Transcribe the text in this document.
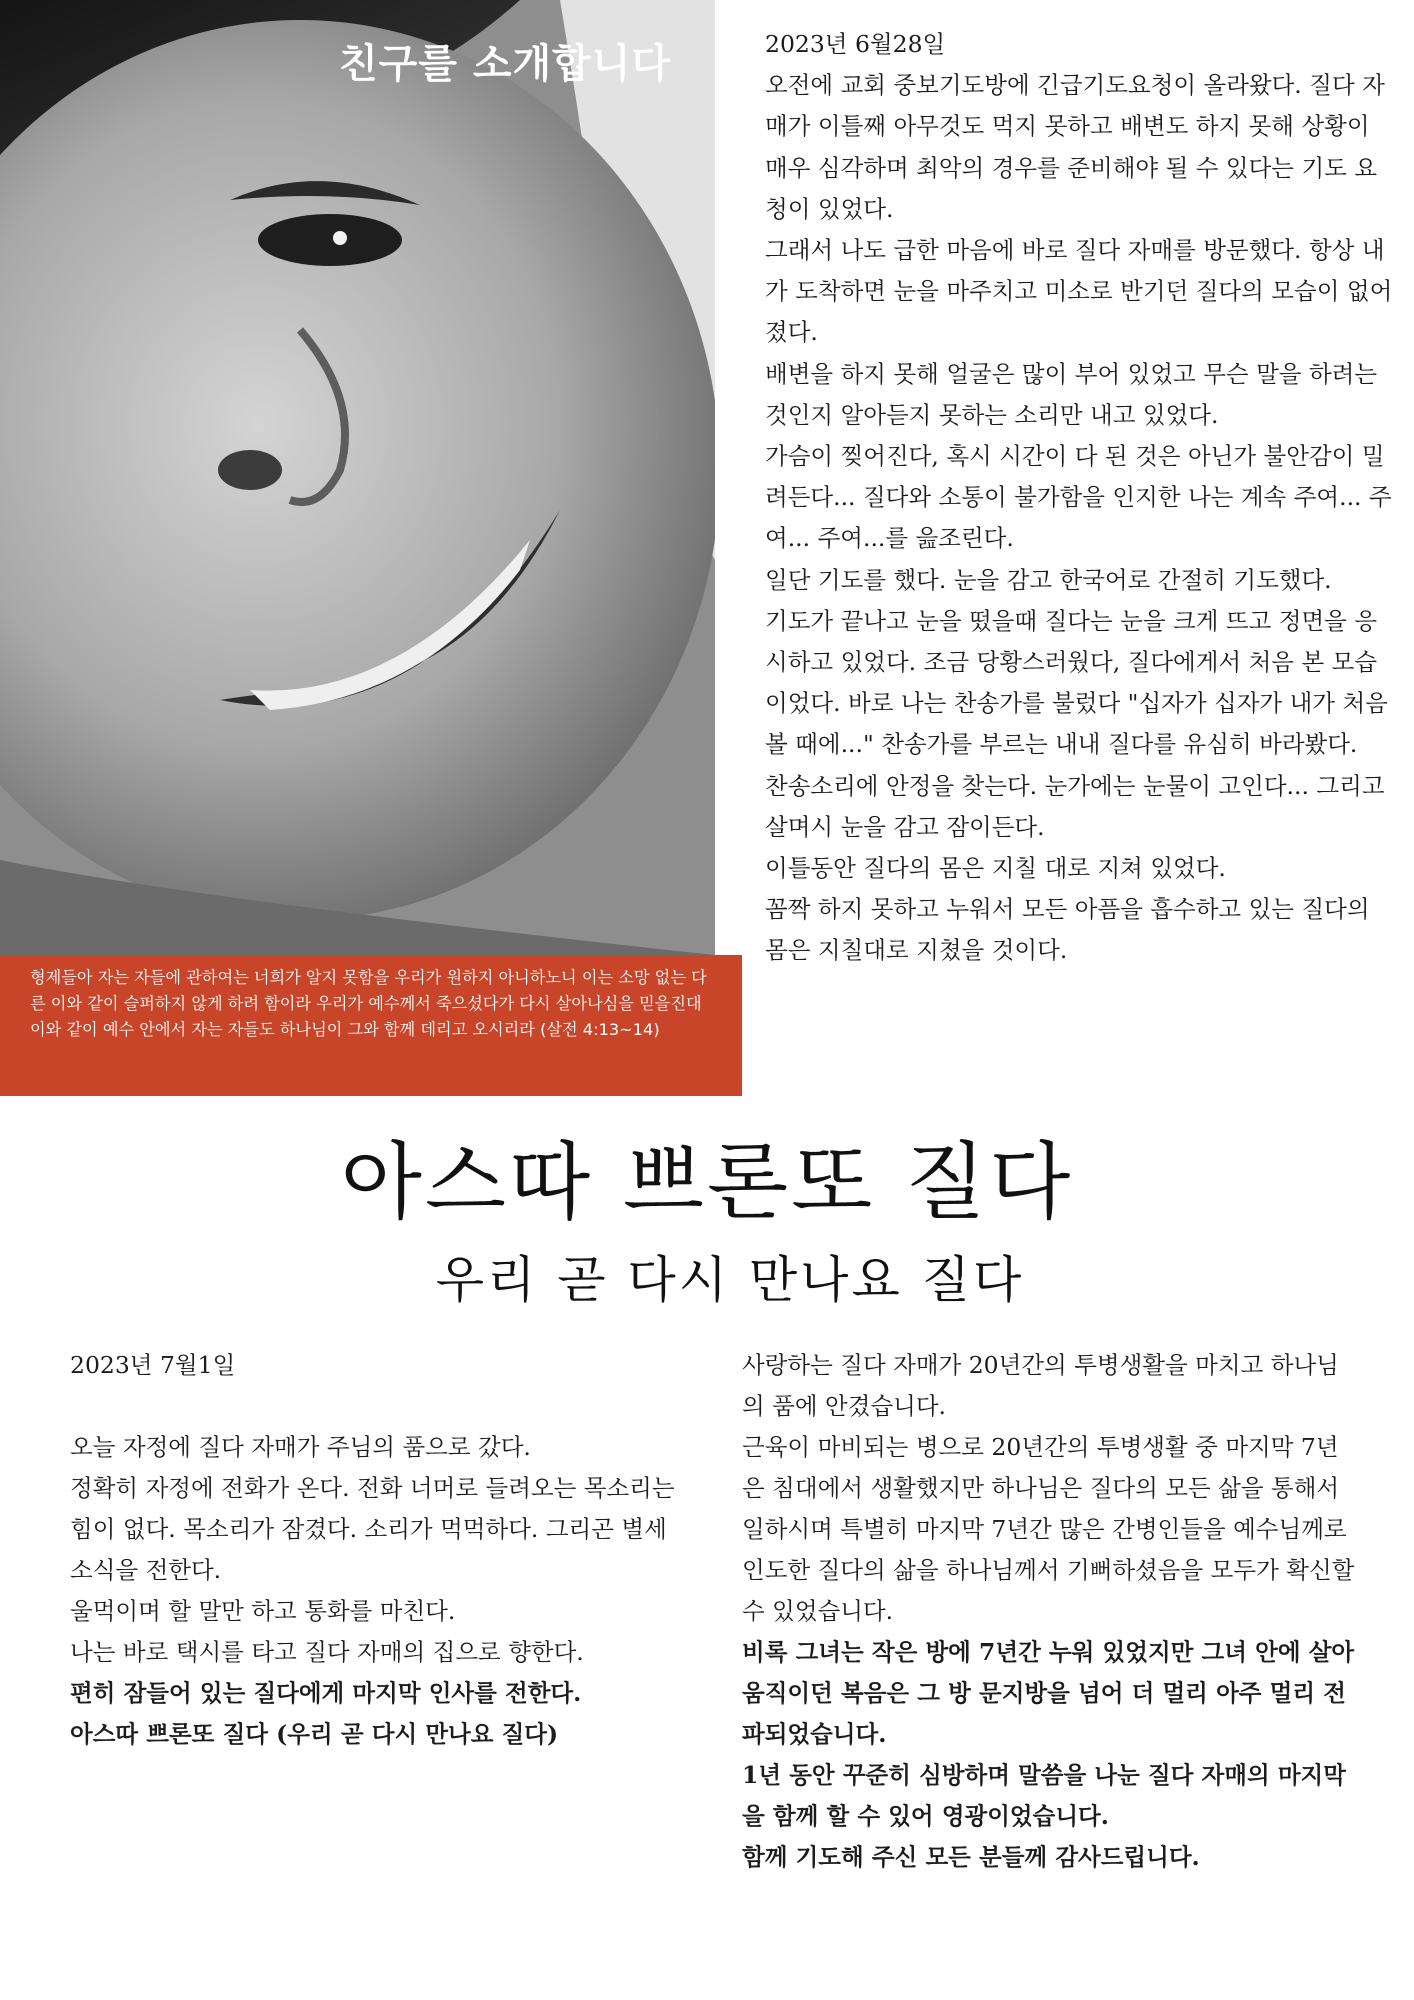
친구를 소개합니다

형제들아 자는 자들에 관하여는 너희가 알지 못함을 우리가 원하지 아니하노니 이는 소망 없는 다른 이와 같이 슬퍼하지 않게 하려 함이라 우리가 예수께서 죽으셨다가 다시 살아나심을 믿을진대 이와 같이 예수 안에서 자는 자들도 하나님이 그와 함께 데리고 오시리라 (살전 4:13~14)

2023년 6월28일

오전에 교회 중보기도방에 긴급기도요청이 올라왔다. 질다 자매가 이틀째 아무것도 먹지 못하고 배변도 하지 못해 상황이 매우 심각하며 최악의 경우를 준비해야 될 수 있다는 기도 요청이 있었다.

그래서 나도 급한 마음에 바로 질다 자매를 방문했다. 항상 내가 도착하면 눈을 마주치고 미소로 반기던 질다의 모습이 없어졌다.

배변을 하지 못해 얼굴은 많이 부어 있었고 무슨 말을 하려는 것인지 알아듣지 못하는 소리만 내고 있었다.

가슴이 찢어진다, 혹시 시간이 다 된 것은 아닌가 불안감이 밀려든다... 질다와 소통이 불가함을 인지한 나는 계속 주여... 주여... 주여...를 읊조린다.

일단 기도를 했다. 눈을 감고 한국어로 간절히 기도했다.

기도가 끝나고 눈을 떴을때 질다는 눈을 크게 뜨고 정면을 응시하고 있었다. 조금 당황스러웠다, 질다에게서 처음 본 모습이었다. 바로 나는 찬송가를 불렀다 "십자가 십자가 내가 처음 볼 때에..." 찬송가를 부르는 내내 질다를 유심히 바라봤다.

찬송소리에 안정을 찾는다. 눈가에는 눈물이 고인다... 그리고 살며시 눈을 감고 잠이든다.

이틀동안 질다의 몸은 지칠 대로 지쳐 있었다.

꼼짝 하지 못하고 누워서 모든 아픔을 흡수하고 있는 질다의 몸은 지칠대로 지쳤을 것이다.

아스따 쁘론또 질다
우리 곧 다시 만나요 질다

2023년 7월1일

오늘 자정에 질다 자매가 주님의 품으로 갔다.

정확히 자정에 전화가 온다. 전화 너머로 들려오는 목소리는 힘이 없다. 목소리가 잠겼다. 소리가 먹먹하다. 그리곤 별세 소식을 전한다.

울먹이며 할 말만 하고 통화를 마친다.

나는 바로 택시를 타고 질다 자매의 집으로 향한다.

편히 잠들어 있는 질다에게 마지막 인사를 전한다.

아스따 쁘론또 질다 (우리 곧 다시 만나요 질다)

사랑하는 질다 자매가 20년간의 투병생활을 마치고 하나님의 품에 안겼습니다.

근육이 마비되는 병으로 20년간의 투병생활 중 마지막 7년은 침대에서 생활했지만 하나님은 질다의 모든 삶을 통해서 일하시며 특별히 마지막 7년간 많은 간병인들을 예수님께로 인도한 질다의 삶을 하나님께서 기뻐하셨음을 모두가 확신할 수 있었습니다.

비록 그녀는 작은 방에 7년간 누워 있었지만 그녀 안에 살아 움직이던 복음은 그 방 문지방을 넘어 더 멀리 아주 멀리 전파되었습니다.

1년 동안 꾸준히 심방하며 말씀을 나눈 질다 자매의 마지막을 함께 할 수 있어 영광이었습니다.

함께 기도해 주신 모든 분들께 감사드립니다.
